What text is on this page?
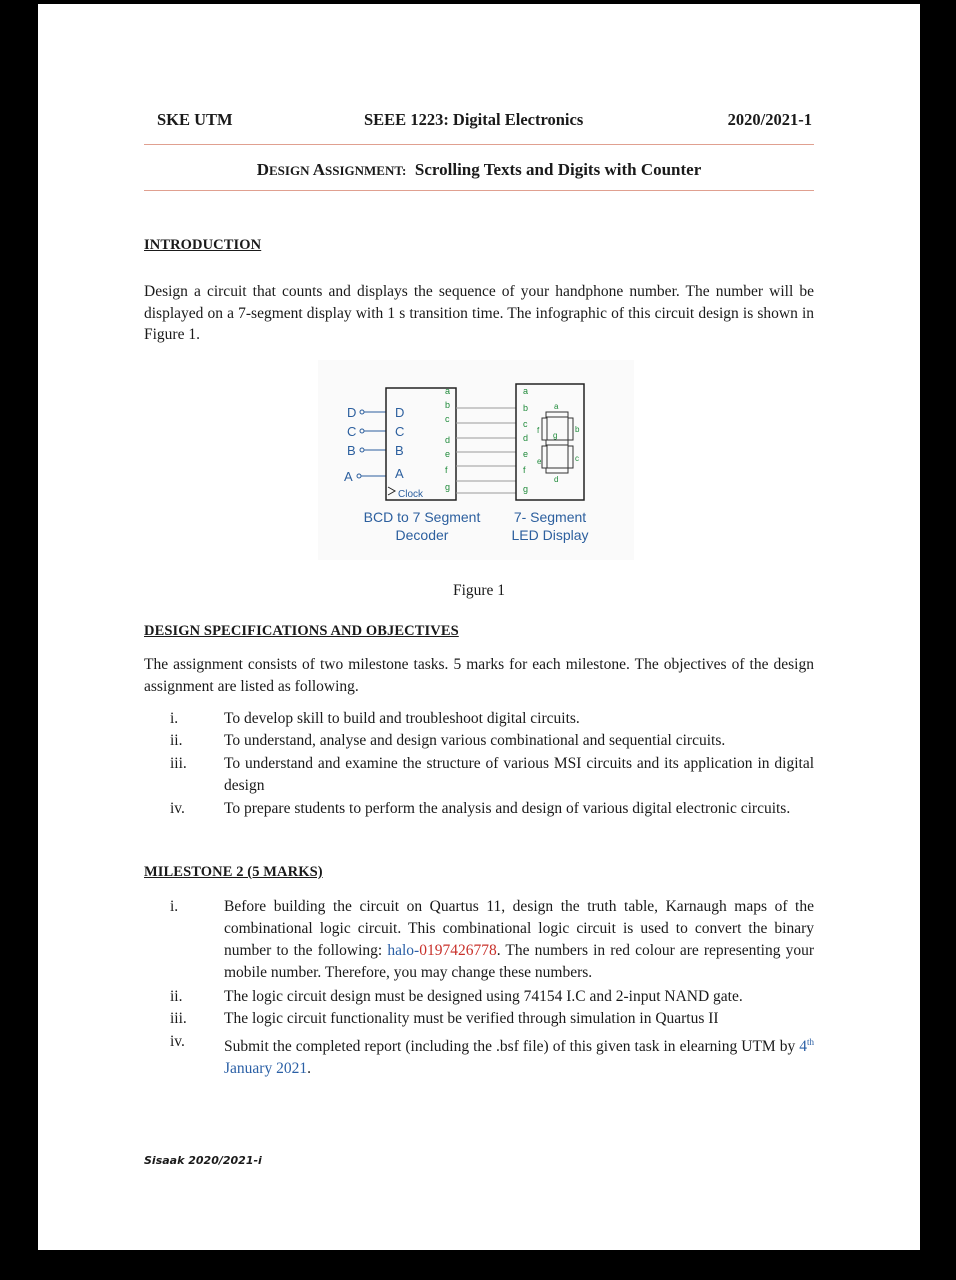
SKE UTM	SEEE 1223: Digital Electronics	2020/2021-1
DESIGN ASSIGNMENT: Scrolling Texts and Digits with Counter
INTRODUCTION
Design a circuit that counts and displays the sequence of your handphone number. The number will be displayed on a 7-segment display with 1 s transition time. The infographic of this circuit design is shown in Figure 1.
D
C
B
A
D
C
B
A
Clock
a
b
c
d
e
f
g
a
b
c
d
e
f
g
a
b
c
d
e
f
g
BCD to 7 Segment
Decoder
7- Segment
LED Display
Figure 1
DESIGN SPECIFICATIONS AND OBJECTIVES
The assignment consists of two milestone tasks. 5 marks for each milestone. The objectives of the design assignment are listed as following.
i.	To develop skill to build and troubleshoot digital circuits.
ii.	To understand, analyse and design various combinational and sequential circuits.
iii. To understand and examine the structure of various MSI circuits and its application in digital design
iv.	To prepare students to perform the analysis and design of various digital electronic circuits.
MILESTONE 2 (5 MARKS)
i.	Before building the circuit on Quartus 11, design the truth table, Karnaugh maps of the combinational logic circuit. This combinational logic circuit is used to convert the binary number to the following: halo-0197426778. The numbers in red colour are representing your mobile number. Therefore, you may change these numbers.
ii.	The logic circuit design must be designed using 74154 I.C and 2-input NAND gate.
iii. The logic circuit functionality must be verified through simulation in Quartus II
iv.	Submit the completed report (including the .bsf file) of this given task in elearning UTM by 4th January 2021.
Sisaak 2020/2021-i
